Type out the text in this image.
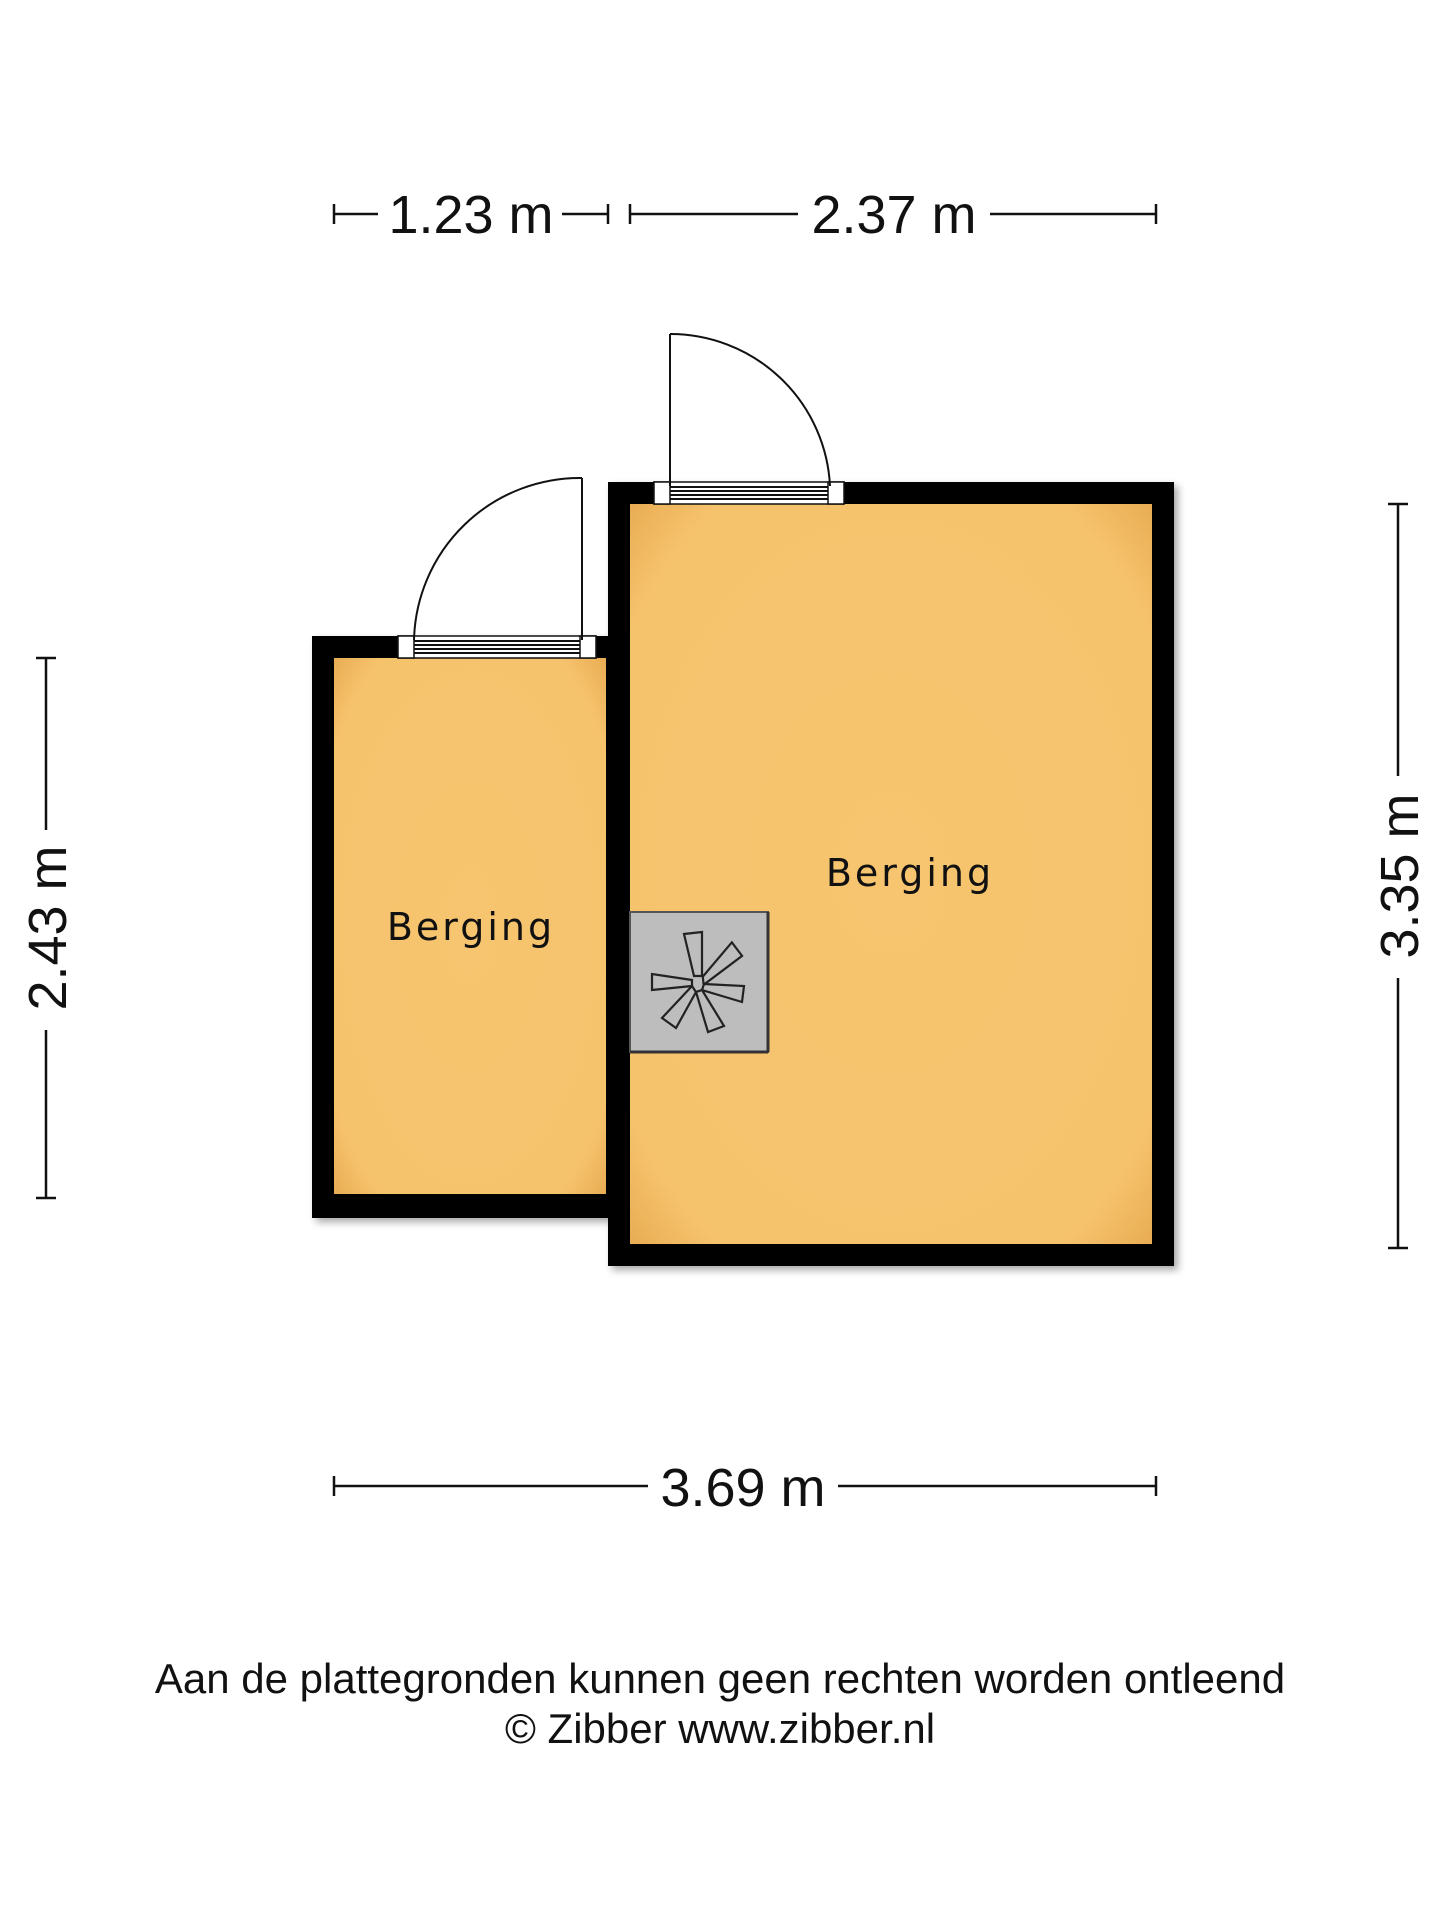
1.23 m	2.37 m
2.43 m	3.35 m
3.69 m
Berging
Berging
Aan de plattegronden kunnen geen rechten worden ontleend
© Zibber www.zibber.nl
